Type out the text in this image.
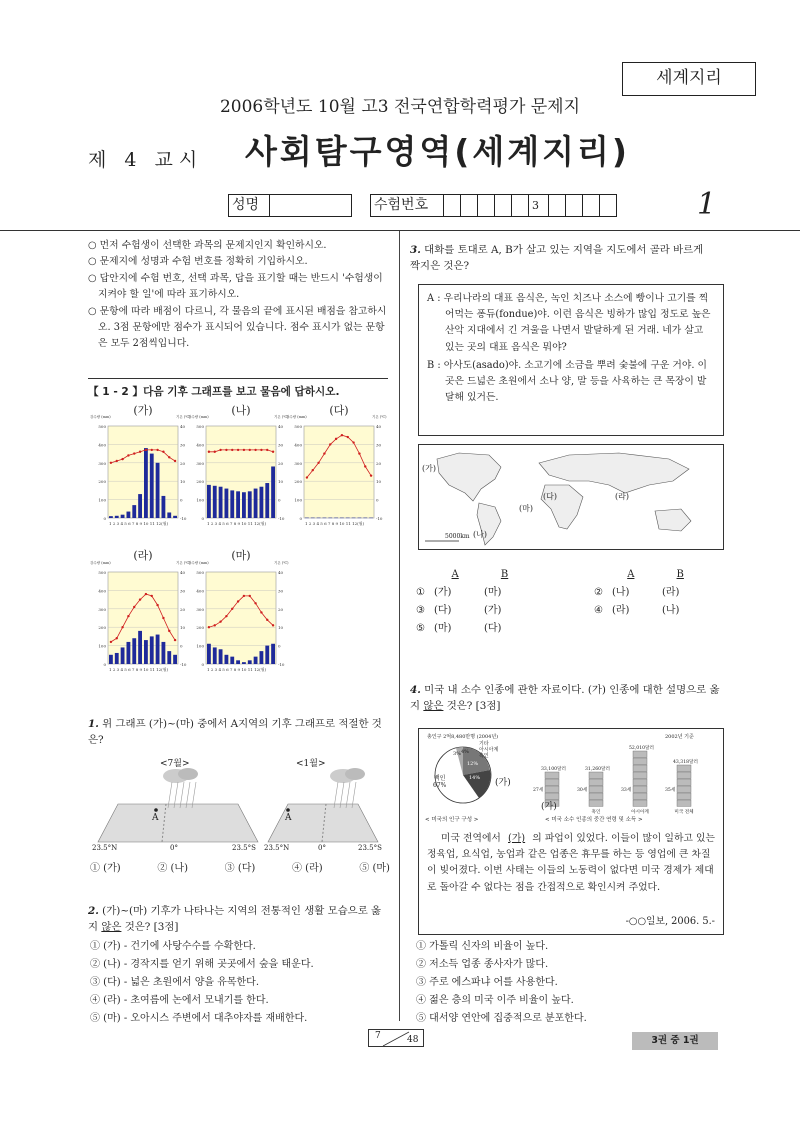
세계지리
2006학년도 10월 고3 전국연합학력평가 문제지
제 4 교시 사회탐구영역(세계지리)
성명	수험번호	3	1
○ 먼저 수험생이 선택한 과목의 문제지인지 확인하시오.
○ 문제지에 성명과 수험 번호를 정확히 기입하시오.
○ 답안지에 수험 번호, 선택 과목, 답을 표기할 때는 반드시 '수험생이 지켜야 할 일'에 따라 표기하시오.
○ 문항에 따라 배점이 다르니, 각 물음의 끝에 표시된 배점을 참고하시오. 3점 문항에만 점수가 표시되어 있습니다. 점수 표시가 없는 문항은 모두 2점씩입니다.
【 1 - 2 】다음 기후 그래프를 보고 물음에 답하시오.
(가)	(나)	(다)
(라)	(마)
0
100
200
300
400
500
-10
0
10
20
30
40
1 2 3 4 5 6 7 8 9 10 11 12(월)
강수량 (mm)	기온 (℃)
0
100
200
300
400
500
-10
0
10
20
30
40
1 2 3 4 5 6 7 8 9 10 11 12(월)
강수량 (mm)	기온 (℃)
0
100
200
300
400
500
-10
0
10
20
30
40
1 2 3 4 5 6 7 8 9 10 11 12(월)
강수량 (mm)	기온 (℃)
0
100
200
300
400
500
-10
0
10
20
30
40
1 2 3 4 5 6 7 8 9 10 11 12(월)
강수량 (mm)	기온 (℃)
0
100
200
300
400
500
-10
0
10
20
30
40
1 2 3 4 5 6 7 8 9 10 11 12(월)
강수량 (mm)	기온 (℃)
1. 위 그래프 (가)~(마) 중에서 A지역의 기후 그래프로 적절한 것은?
<7월>	<1월>
A	A
23.5°N	0°	23.5°S 23.5°N	0°	23.5°S
① (가)	② (나)	③ (다)	④ (라)	⑤ (마)
2. (가)~(마) 기후가 나타나는 지역의 전통적인 생활 모습으로 옳지 않은 것은? [3점]
① (가) - 건기에 사탕수수를 수확한다.
② (나) - 경작지를 얻기 위해 곳곳에서 숲을 태운다.
③ (다) - 넓은 초원에서 양을 유목한다.
④ (라) - 초여름에 논에서 모내기를 한다.
⑤ (마) - 오아시스 주변에서 대추야자를 재배한다.
3. 대화를 토대로 A, B가 살고 있는 지역을 지도에서 골라 바르게 짝지은 것은?
A : 우리나라의 대표 음식은, 녹인 치즈나 소스에 빵이나 고기를 찍어먹는 퐁듀(fondue)야. 이런 음식은 빙하가 많입 정도로 높은 산악 지대에서 긴 겨울을 나면서 발달하게 된 거래. 네가 살고 있는 곳의 대표 음식은 뭐야?
B : 아사도(asado)야. 소고기에 소금을 뿌려 숯불에 구운 거야. 이곳은 드넓은 초원에서 소나 양, 말 등을 사육하는 큰 목장이 발달해 있거든.
(가)
(나)
(다)	(라)
(마)
5000km
A	B	A	B
① (가)	(마)	② (나)	(라)
③ (다)	(가)	④ (라)	(나)
⑤ (마)	(다)
4. 미국 내 소수 인종에 관한 자료이다. (가) 인종에 대한 설명으로 옳지 않은 것은? [3점]
총인구 2억8,480만명 (2004년)
기타
아시아계
흑인
백인
67%
12%
14%
3% 4%
(가)
2002년 기준
33,100달러
27세
31,260달러
30세
흑인
52,010달러
33세
아시아계
43,318달러
35세
미국 전체
(가)
< 미국의 인구 구성 >	< 미국 소수 인종의 중간 연령 및 소득 >
미국 전역에서 (가) 의 파업이 있었다. 이들이 많이 일하고 있는 정육업, 요식업, 농업과 같은 업종은 휴무를 하는 등 영업에 큰 차질이 빚어졌다. 이번 사태는 이들의 노동력이 없다면 미국 경제가 제대로 돌아갈 수 없다는 점을 간접적으로 확인시켜 주었다.
-○○일보, 2006. 5.-
① 가톨릭 신자의 비율이 높다.
② 저소득 업종 종사자가 많다.
③ 주로 에스파냐 어를 사용한다.
④ 젊은 층의 미국 이주 비율이 높다.
⑤ 대서양 연안에 집중적으로 분포한다.
7	48	3권 중 1권
